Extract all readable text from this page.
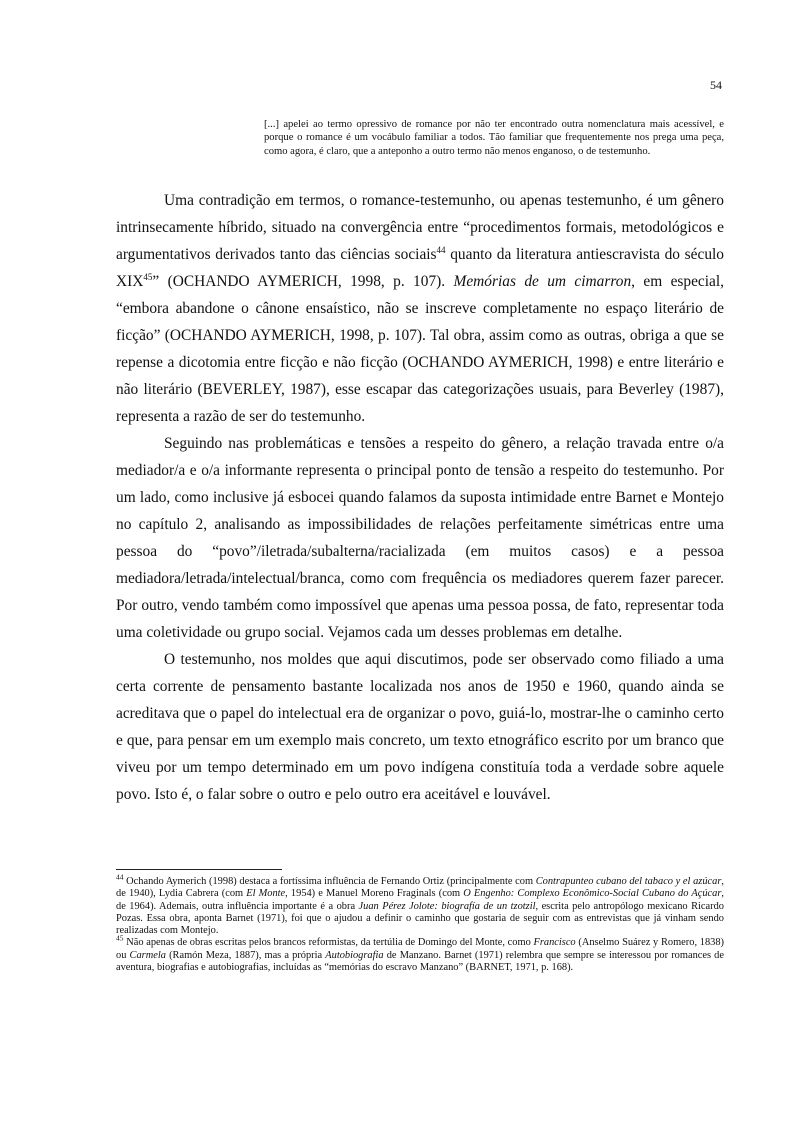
54
[...] apelei ao termo opressivo de romance por não ter encontrado outra nomenclatura mais acessível, e porque o romance é um vocábulo familiar a todos. Tão familiar que frequentemente nos prega uma peça, como agora, é claro, que a anteponho a outro termo não menos enganoso, o de testemunho.

Uma contradição em termos, o romance-testemunho, ou apenas testemunho, é um gênero intrinsecamente híbrido, situado na convergência entre “procedimentos formais, metodológicos e argumentativos derivados tanto das ciências sociais$^{44}$ quanto da literatura antiescravista do século XIX$^{45}$” (OCHANDO AYMERICH, 1998, p. 107). Memórias de um cimarron, em especial, “embora abandone o cânone ensaístico, não se inscreve completamente no espaço literário de ficção” (OCHANDO AYMERICH, 1998, p. 107). Tal obra, assim como as outras, obriga a que se repense a dicotomia entre ficção e não ficção (OCHANDO AYMERICH, 1998) e entre literário e não literário (BEVERLEY, 1987), esse escapar das categorizações usuais, para Beverley (1987), representa a razão de ser do testemunho.

Seguindo nas problemáticas e tensões a respeito do gênero, a relação travada entre o/a mediador/a e o/a informante representa o principal ponto de tensão a respeito do testemunho. Por um lado, como inclusive já esbocei quando falamos da suposta intimidade entre Barnet e Montejo no capítulo 2, analisando as impossibilidades de relações perfeitamente simétricas entre uma pessoa do “povo”/iletrada/subalterna/racializada (em muitos casos) e a pessoa mediadora/letrada/intelectual/branca, como com frequência os mediadores querem fazer parecer. Por outro, vendo também como impossível que apenas uma pessoa possa, de fato, representar toda uma coletividade ou grupo social. Vejamos cada um desses problemas em detalhe.

O testemunho, nos moldes que aqui discutimos, pode ser observado como filiado a uma certa corrente de pensamento bastante localizada nos anos de 1950 e 1960, quando ainda se acreditava que o papel do intelectual era de organizar o povo, guiá-lo, mostrar-lhe o caminho certo e que, para pensar em um exemplo mais concreto, um texto etnográfico escrito por um branco que viveu por um tempo determinado em um povo indígena constituía toda a verdade sobre aquele povo. Isto é, o falar sobre o outro e pelo outro era aceitável e louvável.

$^{44}$ Ochando Aymerich (1998) destaca a fortíssima influência de Fernando Ortiz (principalmente com Contrapunteo cubano del tabaco y el azúcar, de 1940), Lydia Cabrera (com El Monte, 1954) e Manuel Moreno Fraginals (com O Engenho: Complexo Econômico-Social Cubano do Açúcar, de 1964). Ademais, outra influência importante é a obra Juan Pérez Jolote: biografía de un tzotzil, escrita pelo antropólogo mexicano Ricardo Pozas. Essa obra, aponta Barnet (1971), foi que o ajudou a definir o caminho que gostaria de seguir com as entrevistas que já vinham sendo realizadas com Montejo.

$^{45}$ Não apenas de obras escritas pelos brancos reformistas, da tertúlia de Domingo del Monte, como Francisco (Anselmo Suárez y Romero, 1838) ou Carmela (Ramón Meza, 1887), mas a própria Autobiografia de Manzano. Barnet (1971) relembra que sempre se interessou por romances de aventura, biografias e autobiografias, incluídas as “memórias do escravo Manzano” (BARNET, 1971, p. 168).
